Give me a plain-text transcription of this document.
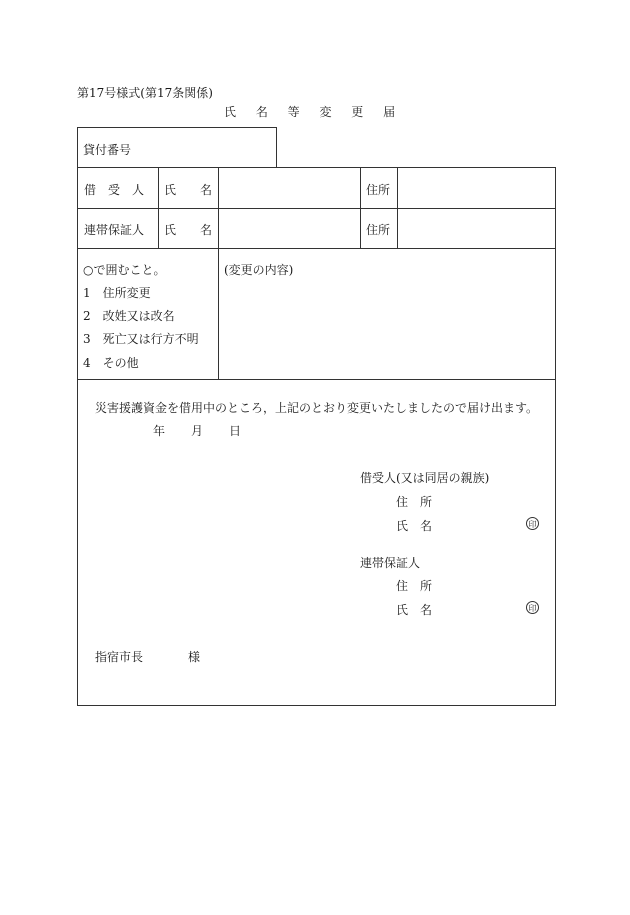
第17号様式(第17条関係)
氏 名 等 変 更 届
貸付番号
借　受　人	氏　　名	住所
連帯保証人 氏　　名	住所
○で囲むこと。
1 住所変更
2 改姓又は改名
3 死亡又は行方不明
4 その他
(変更の内容)
災害援護資金を借用中のところ，上記のとおり変更いたしましたので届け出ます。
年 月 日
借受人(又は同居の親族)
住　所
氏　名	印
連帯保証人
住　所
氏　名	印
指宿市長	様
